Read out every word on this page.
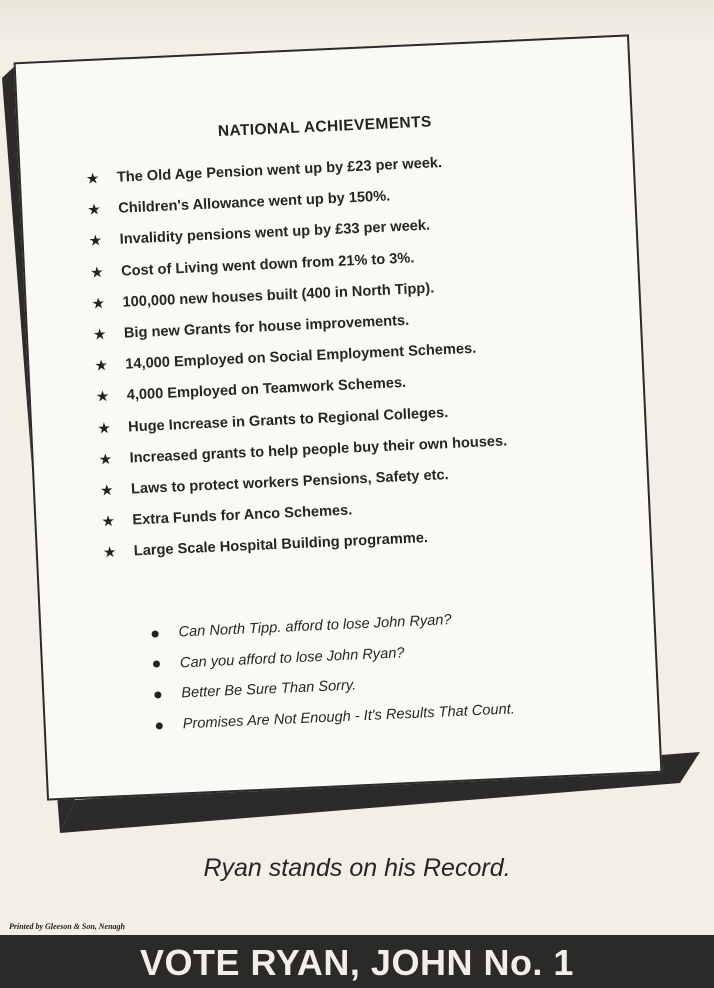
NATIONAL ACHIEVEMENTS
★	The Old Age Pension went up by £23 per week.
★	Children's Allowance went up by 150%.
★	Invalidity pensions went up by £33 per week.
★	Cost of Living went down from 21% to 3%.
★	100,000 new houses built (400 in North Tipp).
★	Big new Grants for house improvements.
★	14,000 Employed on Social Employment Schemes.
★	4,000 Employed on Teamwork Schemes.
★	Huge Increase in Grants to Regional Colleges.
★	Increased grants to help people buy their own houses.
★	Laws to protect workers Pensions, Safety etc.
★	Extra Funds for Anco Schemes.
★	Large Scale Hospital Building programme.
Can North Tipp. afford to lose John Ryan?
Can you afford to lose John Ryan?
Better Be Sure Than Sorry.
Promises Are Not Enough - It's Results That Count.
Ryan stands on his Record.
Printed by Gleeson & Son, Nenagh
VOTE RYAN, JOHN No. 1
